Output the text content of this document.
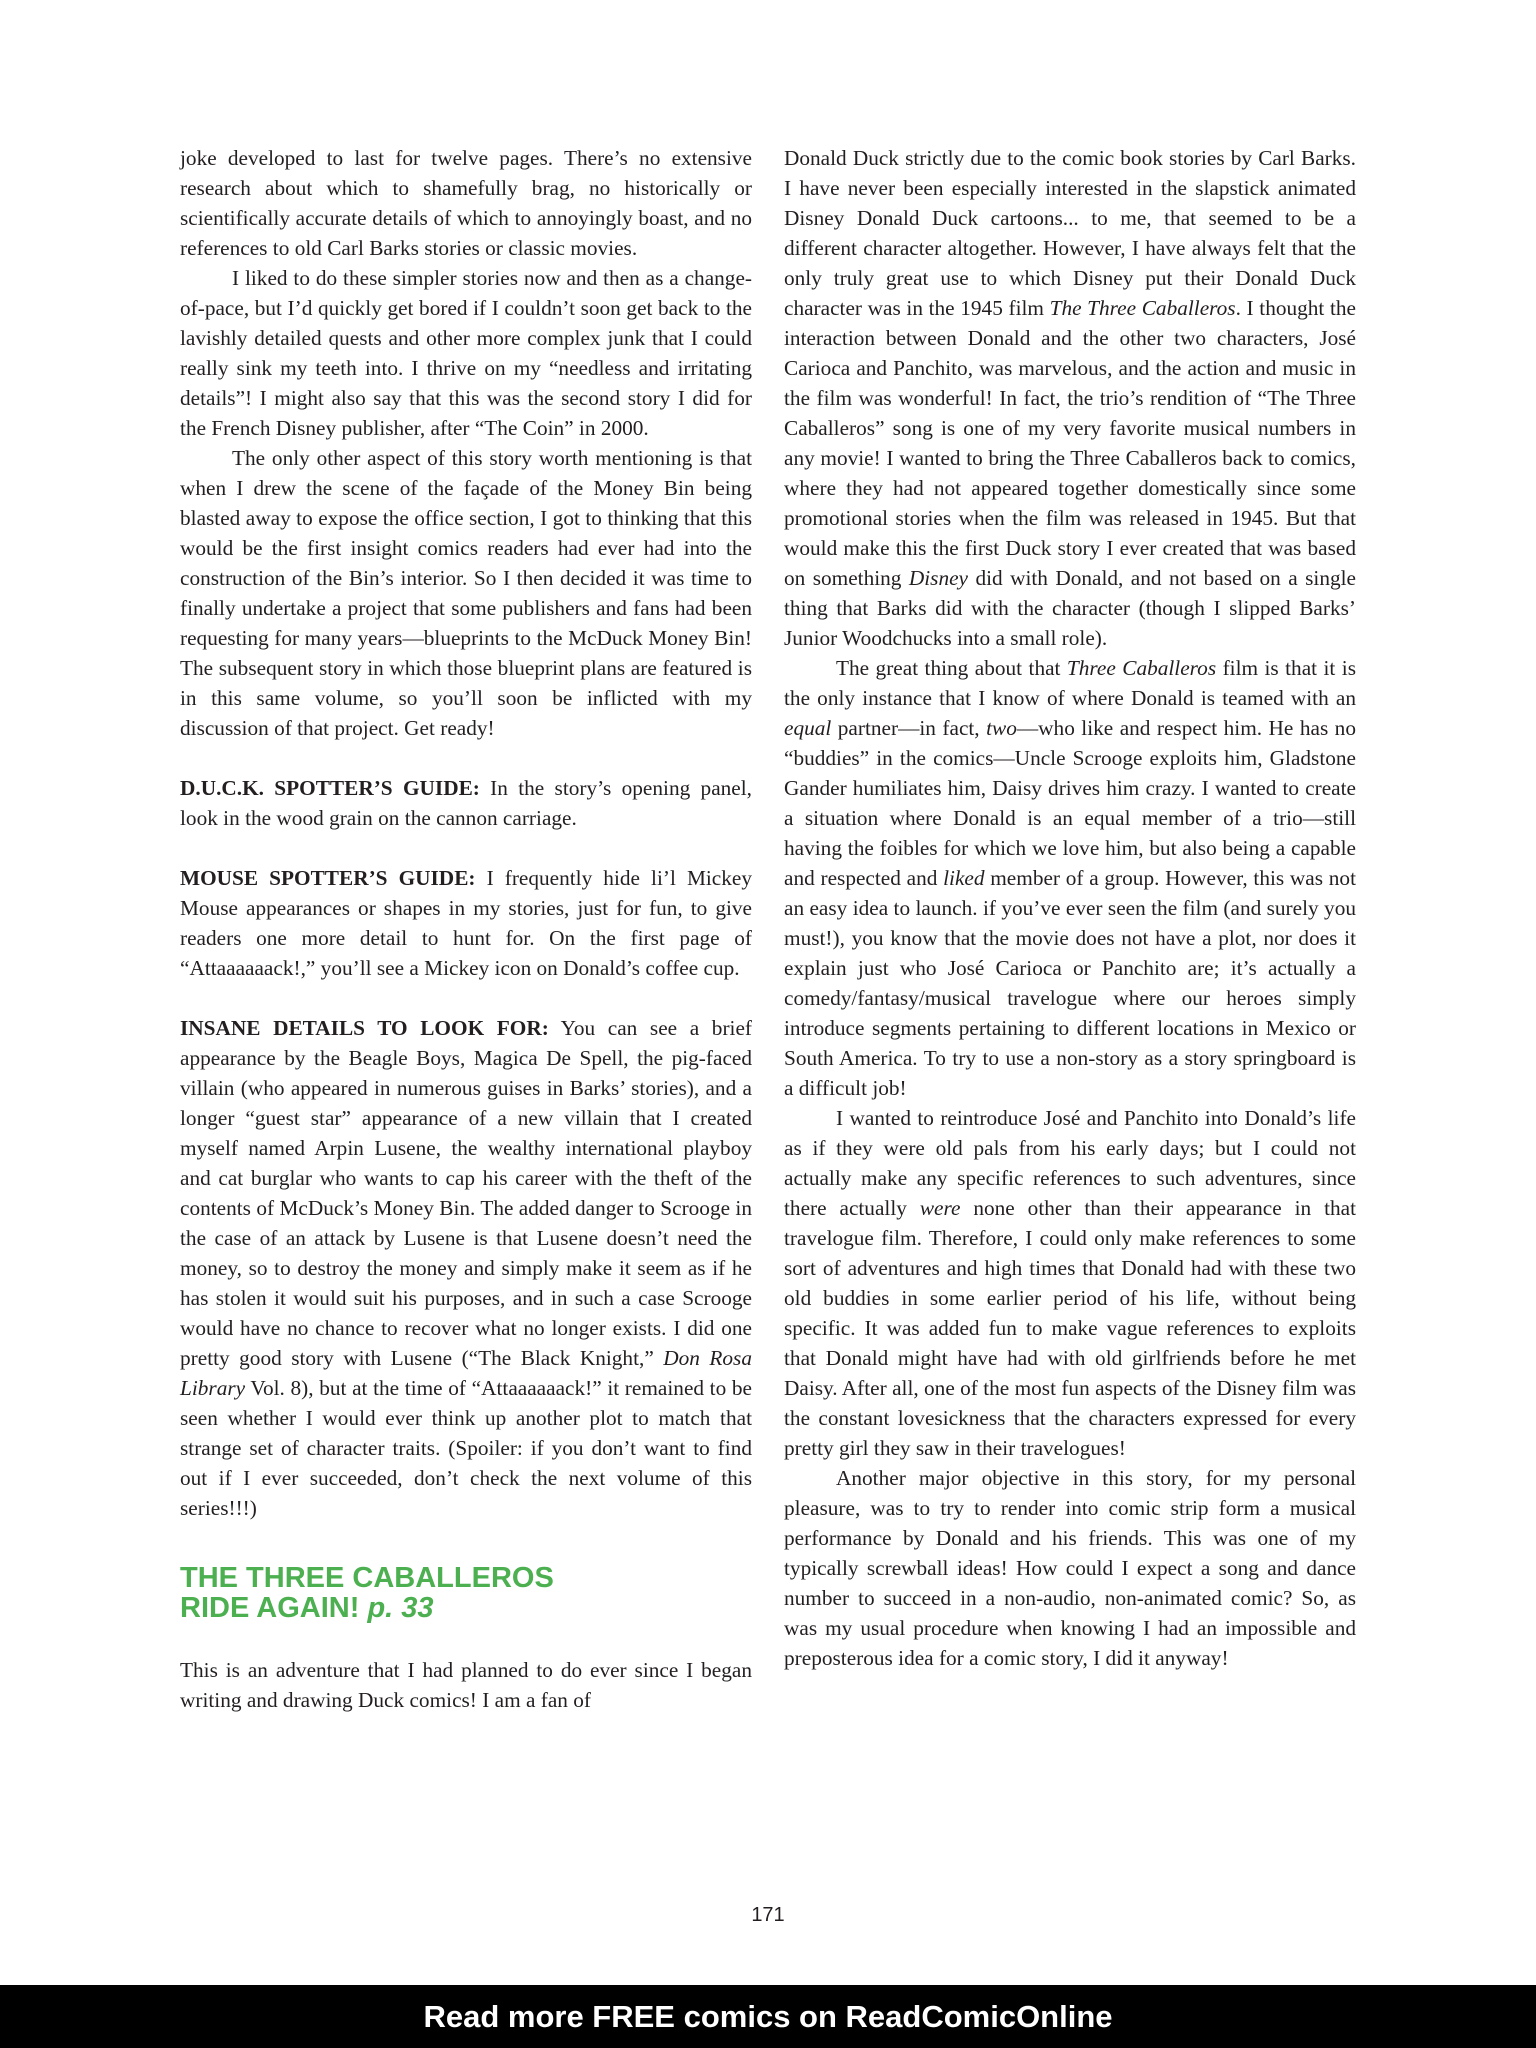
joke developed to last for twelve pages. There’s no extensive research about which to shamefully brag, no historically or scientifically accurate details of which to annoyingly boast, and no references to old Carl Barks stories or classic movies.

I liked to do these simpler stories now and then as a change-of-pace, but I’d quickly get bored if I couldn’t soon get back to the lavishly detailed quests and other more complex junk that I could really sink my teeth into. I thrive on my “needless and irritating details”! I might also say that this was the second story I did for the French Disney publisher, after “The Coin” in 2000.

The only other aspect of this story worth mentioning is that when I drew the scene of the façade of the Money Bin being blasted away to expose the office section, I got to thinking that this would be the first insight comics readers had ever had into the construction of the Bin’s interior. So I then decided it was time to finally undertake a project that some publishers and fans had been requesting for many years—blueprints to the McDuck Money Bin! The subsequent story in which those blueprint plans are featured is in this same volume, so you’ll soon be inflicted with my discussion of that project. Get ready!

D.U.C.K. SPOTTER’S GUIDE: In the story’s opening panel, look in the wood grain on the cannon carriage.

MOUSE SPOTTER’S GUIDE: I frequently hide li’l Mickey Mouse appearances or shapes in my stories, just for fun, to give readers one more detail to hunt for. On the first page of “Attaaaaaack!,” you’ll see a Mickey icon on Donald’s coffee cup.

INSANE DETAILS TO LOOK FOR: You can see a brief appearance by the Beagle Boys, Magica De Spell, the pig-faced villain (who appeared in numerous guises in Barks’ stories), and a longer “guest star” appearance of a new villain that I created myself named Arpin Lusene, the wealthy international playboy and cat burglar who wants to cap his career with the theft of the contents of McDuck’s Money Bin. The added danger to Scrooge in the case of an attack by Lusene is that Lusene doesn’t need the money, so to destroy the money and simply make it seem as if he has stolen it would suit his purposes, and in such a case Scrooge would have no chance to recover what no longer exists. I did one pretty good story with Lusene (“The Black Knight,” Don Rosa Library Vol. 8), but at the time of “Attaaaaaack!” it remained to be seen whether I would ever think up another plot to match that strange set of character traits. (Spoiler: if you don’t want to find out if I ever succeeded, don’t check the next volume of this series!!!)

THE THREE CABALLEROS
RIDE AGAIN! p. 33

This is an adventure that I had planned to do ever since I began writing and drawing Duck comics! I am a fan of

Donald Duck strictly due to the comic book stories by Carl Barks. I have never been especially interested in the slapstick animated Disney Donald Duck cartoons... to me, that seemed to be a different character altogether. However, I have always felt that the only truly great use to which Disney put their Donald Duck character was in the 1945 film The Three Caballeros. I thought the interaction between Donald and the other two characters, José Carioca and Panchito, was marvelous, and the action and music in the film was wonderful! In fact, the trio’s rendition of “The Three Caballeros” song is one of my very favorite musical numbers in any movie! I wanted to bring the Three Caballeros back to comics, where they had not appeared together domestically since some promotional stories when the film was released in 1945. But that would make this the first Duck story I ever created that was based on something Disney did with Donald, and not based on a single thing that Barks did with the character (though I slipped Barks’ Junior Woodchucks into a small role).

The great thing about that Three Caballeros film is that it is the only instance that I know of where Donald is teamed with an equal partner—in fact, two—who like and respect him. He has no “buddies” in the comics—Uncle Scrooge exploits him, Gladstone Gander humiliates him, Daisy drives him crazy. I wanted to create a situation where Donald is an equal member of a trio—still having the foibles for which we love him, but also being a capable and respected and liked member of a group. However, this was not an easy idea to launch. if you’ve ever seen the film (and surely you must!), you know that the movie does not have a plot, nor does it explain just who José Carioca or Panchito are; it’s actually a comedy/fantasy/musical travelogue where our heroes simply introduce segments pertaining to different locations in Mexico or South America. To try to use a non-story as a story springboard is a difficult job!

I wanted to reintroduce José and Panchito into Donald’s life as if they were old pals from his early days; but I could not actually make any specific references to such adventures, since there actually were none other than their appearance in that travelogue film. Therefore, I could only make references to some sort of adventures and high times that Donald had with these two old buddies in some earlier period of his life, without being specific. It was added fun to make vague references to exploits that Donald might have had with old girlfriends before he met Daisy. After all, one of the most fun aspects of the Disney film was the constant lovesickness that the characters expressed for every pretty girl they saw in their travelogues!

Another major objective in this story, for my personal pleasure, was to try to render into comic strip form a musical performance by Donald and his friends. This was one of my typically screwball ideas! How could I expect a song and dance number to succeed in a non-audio, non-animated comic? So, as was my usual procedure when knowing I had an impossible and preposterous idea for a comic story, I did it anyway!

171
Read more FREE comics on ReadComicOnline
